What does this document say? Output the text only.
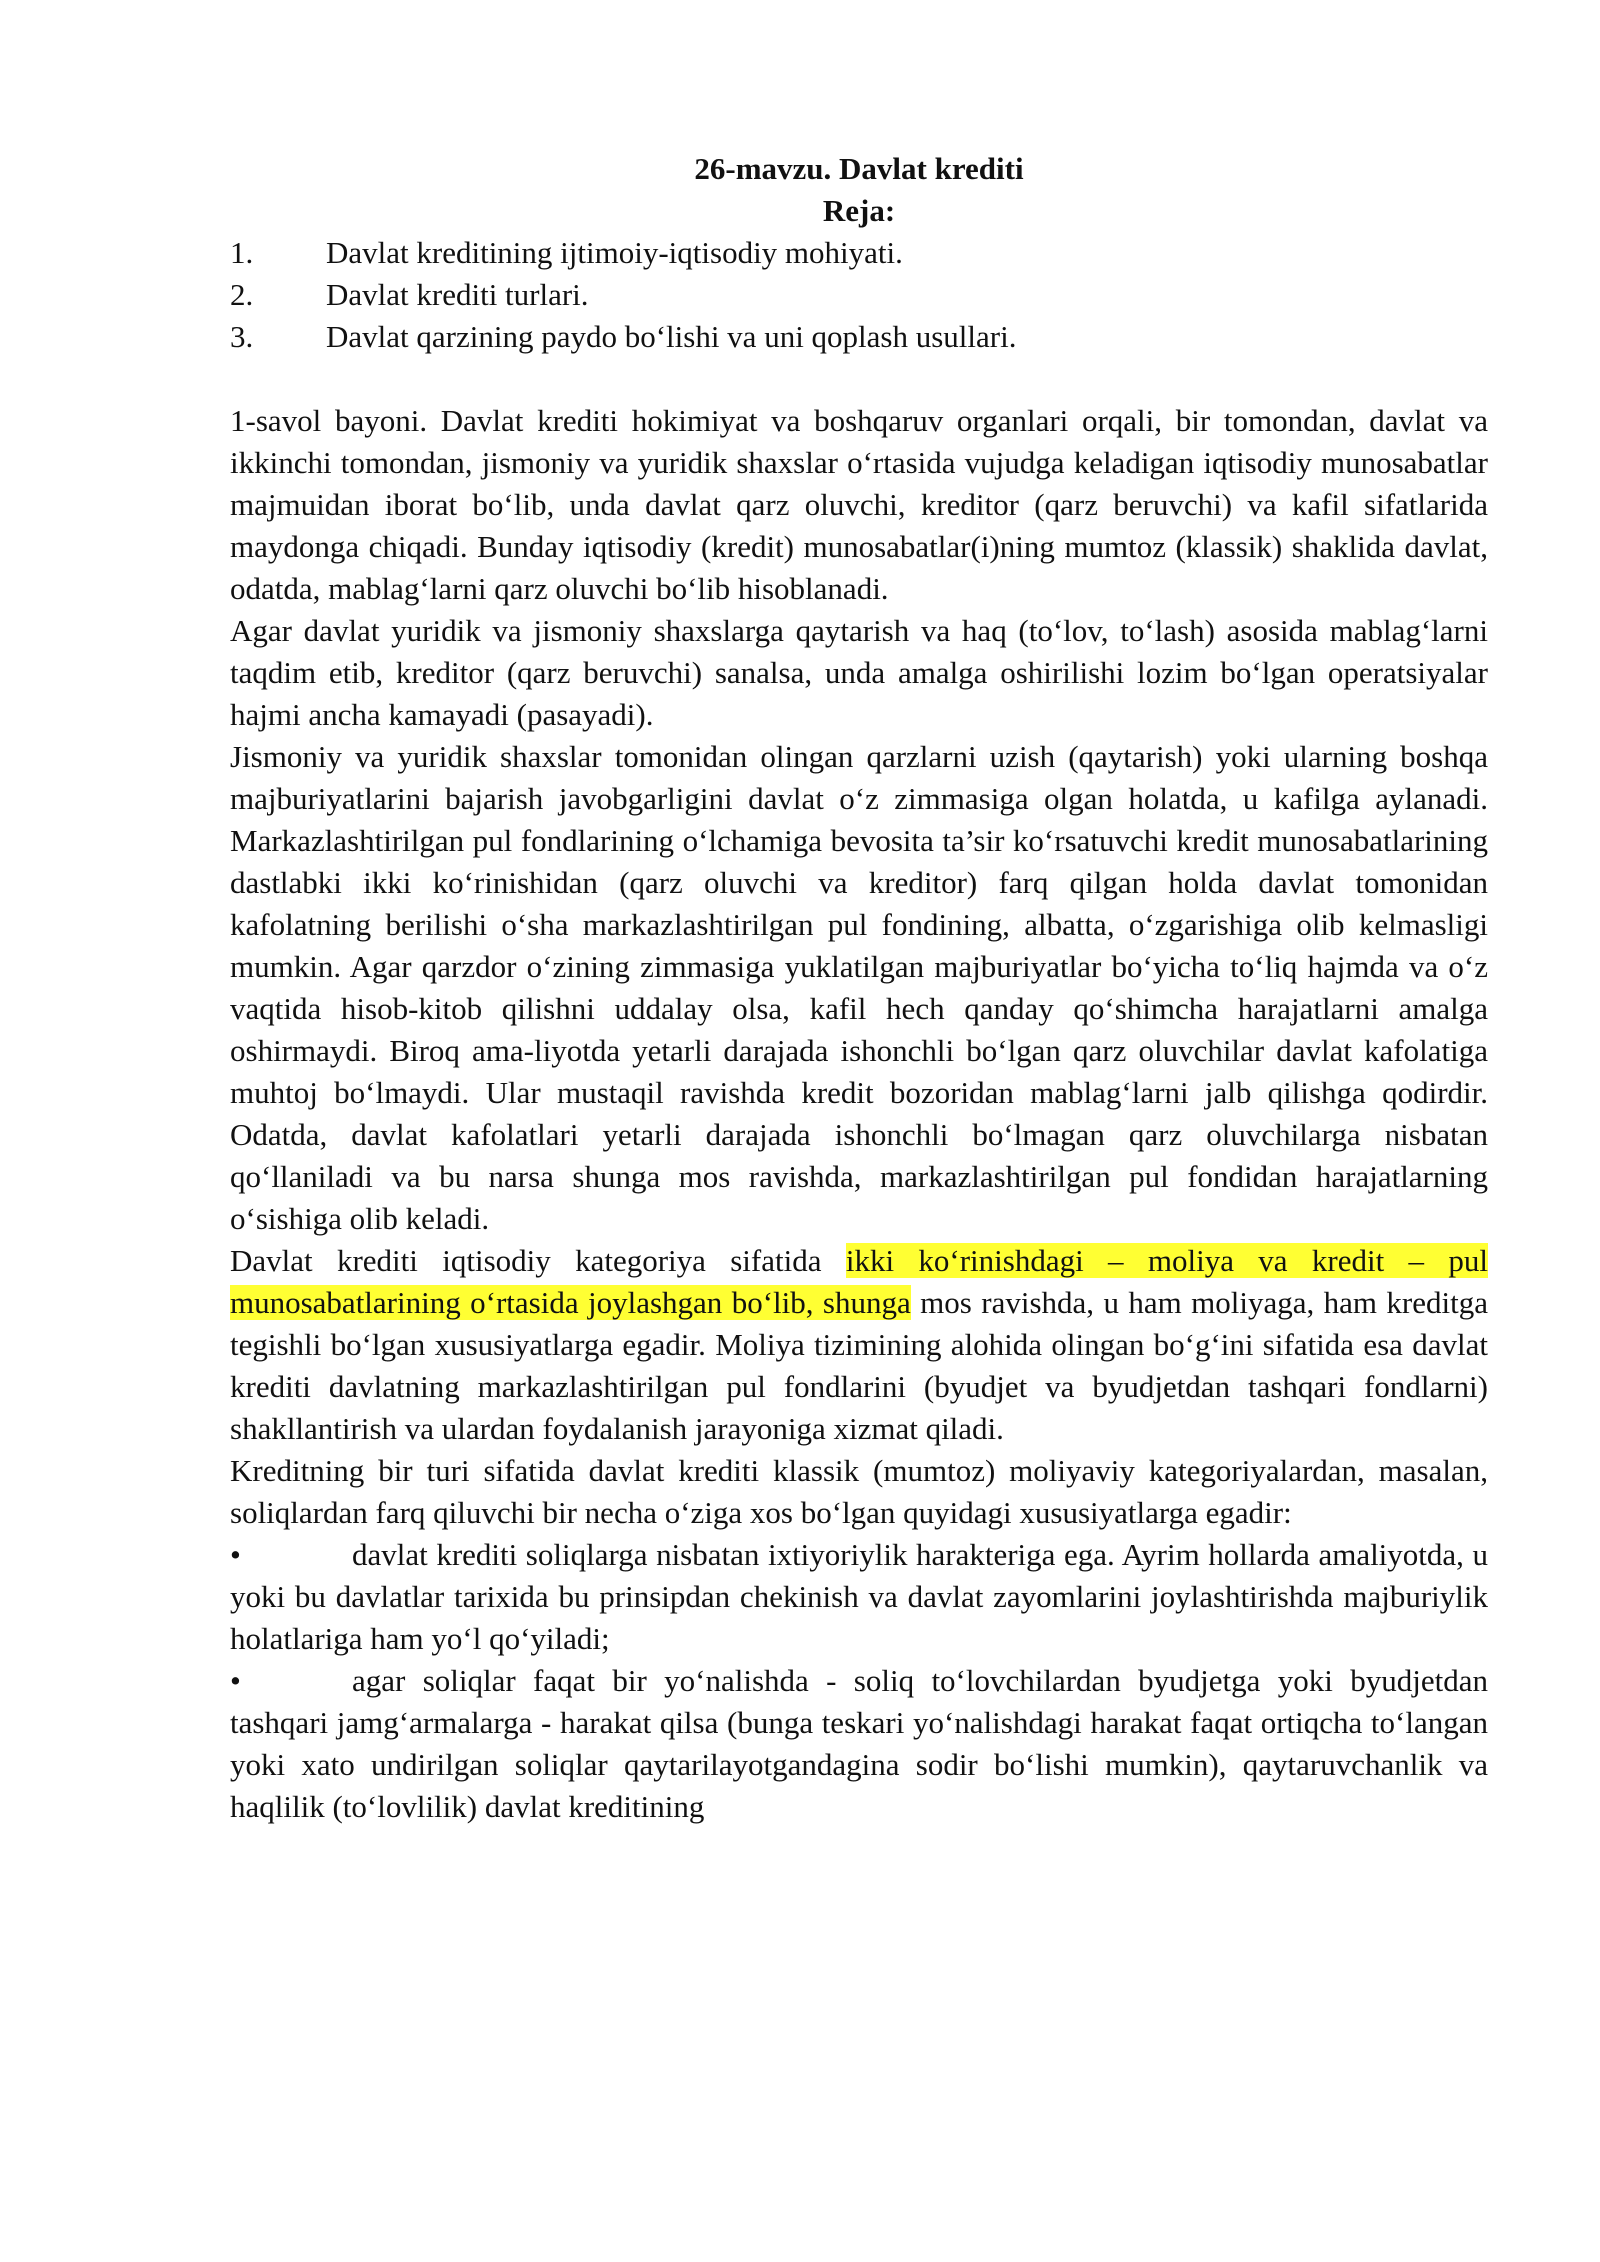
26-mavzu. Davlat krediti
Reja:
1.	Davlat kreditining ijtimoiy-iqtisodiy mohiyati.
2.	Davlat krediti turlari.
3.	Davlat qarzining paydo bo‘lishi va uni qoplash usullari.

1-savol bayoni. Davlat krediti hokimiyat va boshqaruv organlari orqali, bir tomondan, davlat va ikkinchi tomondan, jismoniy va yuridik shaxslar o‘rtasida vujudga keladigan iqtisodiy munosabatlar majmuidan iborat bo‘lib, unda davlat qarz oluvchi, kreditor (qarz beruvchi) va kafil sifatlarida maydonga chiqadi. Bunday iqtisodiy (kredit) munosabatlar(i)ning mumtoz (klassik) shaklida davlat, odatda, mablag‘larni qarz oluvchi bo‘lib hisoblanadi.

Agar davlat yuridik va jismoniy shaxslarga qaytarish va haq (to‘lov, to‘lash) asosida mablag‘larni taqdim etib, kreditor (qarz beruvchi) sanalsa, unda amalga oshirilishi lozim bo‘lgan operatsiyalar hajmi ancha kamayadi (pasayadi).

Jismoniy va yuridik shaxslar tomonidan olingan qarzlarni uzish (qaytarish) yoki ularning boshqa majburiyatlarini bajarish javobgarligini davlat o‘z zimmasiga olgan holatda, u kafilga aylanadi. Markazlashtirilgan pul fondlarining o‘lchamiga bevosita ta’sir ko‘rsatuvchi kredit munosabatlarining dastlabki ikki ko‘rinishidan (qarz oluvchi va kreditor) farq qilgan holda davlat tomonidan kafolatning berilishi o‘sha markazlashtirilgan pul fondining, albatta, o‘zgarishiga olib kelmasligi mumkin. Agar qarzdor o‘zining zimmasiga yuklatilgan majburiyatlar bo‘yicha to‘liq hajmda va o‘z vaqtida hisob-kitob qilishni uddalay olsa, kafil hech qanday qo‘shimcha harajatlarni amalga oshirmaydi. Biroq ama-liyotda yetarli darajada ishonchli bo‘lgan qarz oluvchilar davlat kafolatiga muhtoj bo‘lmaydi. Ular mustaqil ravishda kredit bozoridan mablag‘larni jalb qilishga qodirdir. Odatda, davlat kafolatlari yetarli darajada ishonchli bo‘lmagan qarz oluvchilarga nisbatan qo‘llaniladi va bu narsa shunga mos ravishda, markazlashtirilgan pul fondidan harajatlarning o‘sishiga olib keladi.

Davlat krediti iqtisodiy kategoriya sifatida ikki ko‘rinishdagi – moliya va kredit – pul munosabatlarining o‘rtasida joylashgan bo‘lib, shunga mos ravishda, u ham moliyaga, ham kreditga tegishli bo‘lgan xususiyatlarga egadir. Moliya tizimining alohida olingan bo‘g‘ini sifatida esa davlat krediti davlatning markazlashtirilgan pul fondlarini (byudjet va byudjetdan tashqari fondlarni) shakllantirish va ulardan foydalanish jarayoniga xizmat qiladi.

Kreditning bir turi sifatida davlat krediti klassik (mumtoz) moliyaviy kategoriyalardan, masalan, soliqlardan farq qiluvchi bir necha o‘ziga xos bo‘lgan quyidagi xususiyatlarga egadir:

•	davlat krediti soliqlarga nisbatan ixtiyoriylik harakteriga ega. Ayrim hollarda amaliyotda, u yoki bu davlatlar tarixida bu prinsipdan chekinish va davlat zayomlarini joylashtirishda majburiylik holatlariga ham yo‘l qo‘yiladi;

•	agar soliqlar faqat bir yo‘nalishda - soliq to‘lovchilardan byudjetga yoki byudjetdan tashqari jamg‘armalarga - harakat qilsa (bunga teskari yo‘nalishdagi harakat faqat ortiqcha to‘langan yoki xato undirilgan soliqlar qaytarilayotgandagina sodir bo‘lishi mumkin), qaytaruvchanlik va haqlilik (to‘lovlilik) davlat kreditining
